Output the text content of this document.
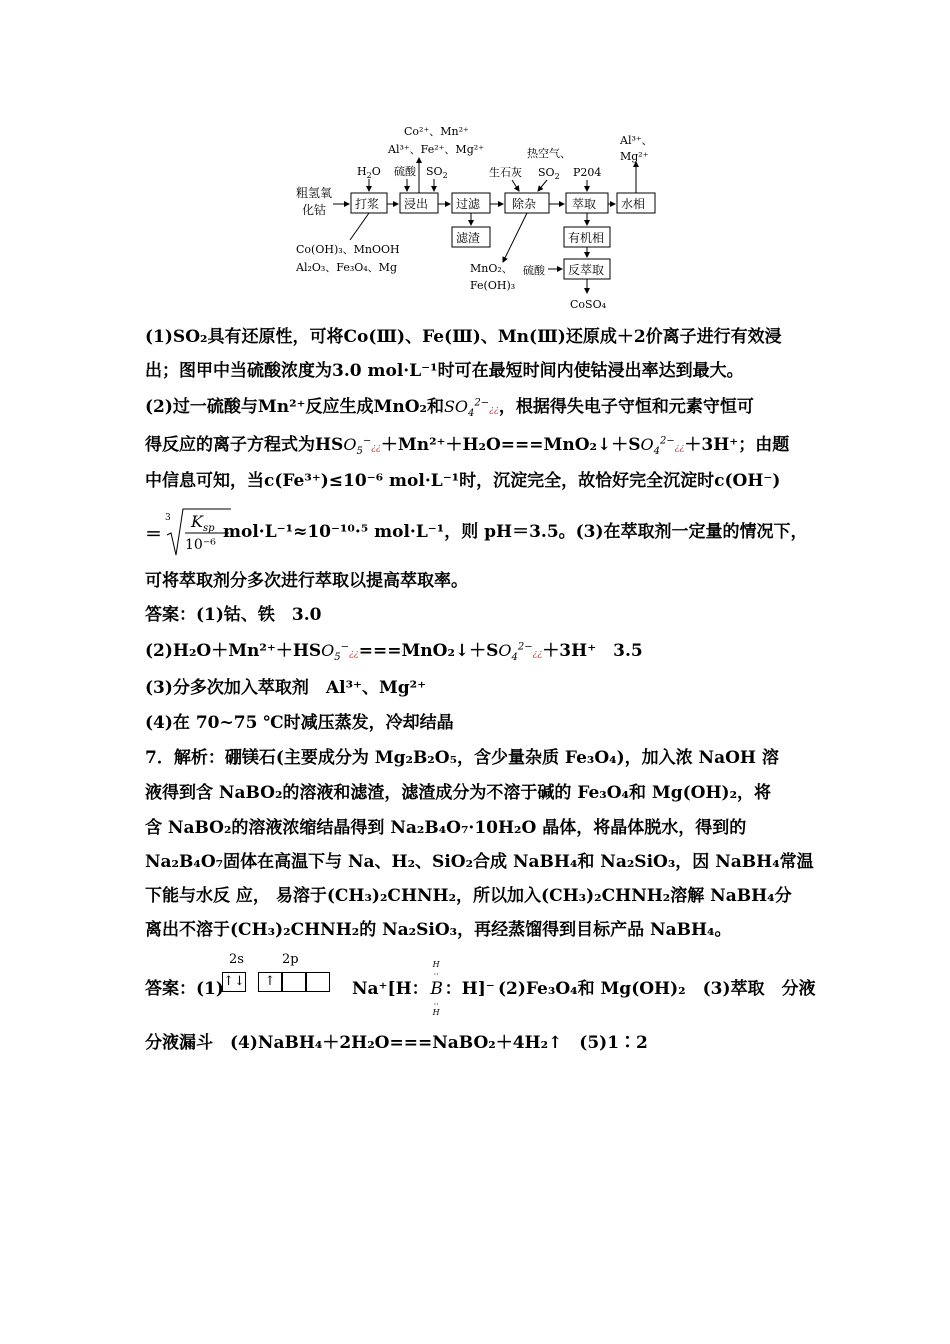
粗氢氧
化钴 打浆 浸出 过滤	除杂	萃取 水相
滤渣	有机相
反萃取
CoSO₄
$H_2O$ 硫酸 $SO_2$
Co²⁺、Mn²⁺
Al³⁺、Fe²⁺、Mg²⁺	热空气、
生石灰 $SO_2$ P204
Al³⁺、
Mg²⁺
Co(OH)₃、MnOOH
Al₂O₃、Fe₃O₄、Mg	MnO₂、
Fe(OH)₃
硫酸
(1)SO₂具有还原性，可将Co(Ⅲ)、Fe(Ⅲ)、Mn(Ⅲ)还原成＋2价离子进行有效浸
出；图甲中当硫酸浓度为3.0 mol·L⁻¹时可在最短时间内使钴浸出率达到最大。
(2)过一硫酸与Mn²⁺反应生成MnO₂和$SO_4^{2-}¿¿$，根据得失电子守恒和元素守恒可
得反应的离子方程式为$HSO_5^-¿¿+Mn^{2+}+H_2O===MnO_2↓+SO_4^{2-}¿¿+3H^+$；由题
中信息可知，当c(Fe³⁺)≤10⁻⁶ mol·L⁻¹时，沉淀完全，故恰好完全沉淀时c(OH⁻)
＝
3 $K_{sp}$
10⁻⁶
mol·L⁻¹≈10⁻¹⁰·⁵ mol·L⁻¹，则 pH＝3.5。(3)在萃取剂一定量的情况下，
可将萃取剂分多次进行萃取以提高萃取率。
答案：(1)钴、铁　3.0
$(2)H_2O+Mn^{2+}+HSO_5^-¿¿===MnO_2↓+SO_4^{2-}¿¿+3H^+$　3.5
(3)分多次加入萃取剂　Al³⁺、Mg²⁺
(4)在 70~75 ℃时减压蒸发，冷却结晶
7．解析：硼镁石(主要成分为 Mg₂B₂O₅，含少量杂质 Fe₃O₄)，加入浓 NaOH 溶
液得到含 NaBO₂的溶液和滤渣，滤渣成分为不溶于碱的 Fe₃O₄和 Mg(OH)₂，将
含 NaBO₂的溶液浓缩结晶得到 Na₂B₄O₇·10H₂O 晶体，将晶体脱水，得到的
Na₂B₄O₇固体在高温下与 Na、H₂、SiO₂合成 NaBH₄和 Na₂SiO₃，因 NaBH₄常温
下能与水反 应， 易溶于(CH₃)₂CHNH₂，所以加入(CH₃)₂CHNH₂溶解 NaBH₄分
离出不溶于(CH₃)₂CHNH₂的 Na₂SiO₃，再经蒸馏得到目标产品 NaBH₄。
答案：(1)
2s	2p
↑↓	↑	Na⁺[H：
H
··
B
··
H
：H]⁻ (2)Fe₃O₄和 Mg(OH)₂　(3)萃取　分液
分液漏斗　(4)NaBH₄＋2H₂O===NaBO₂＋4H₂↑　(5)1∶2
